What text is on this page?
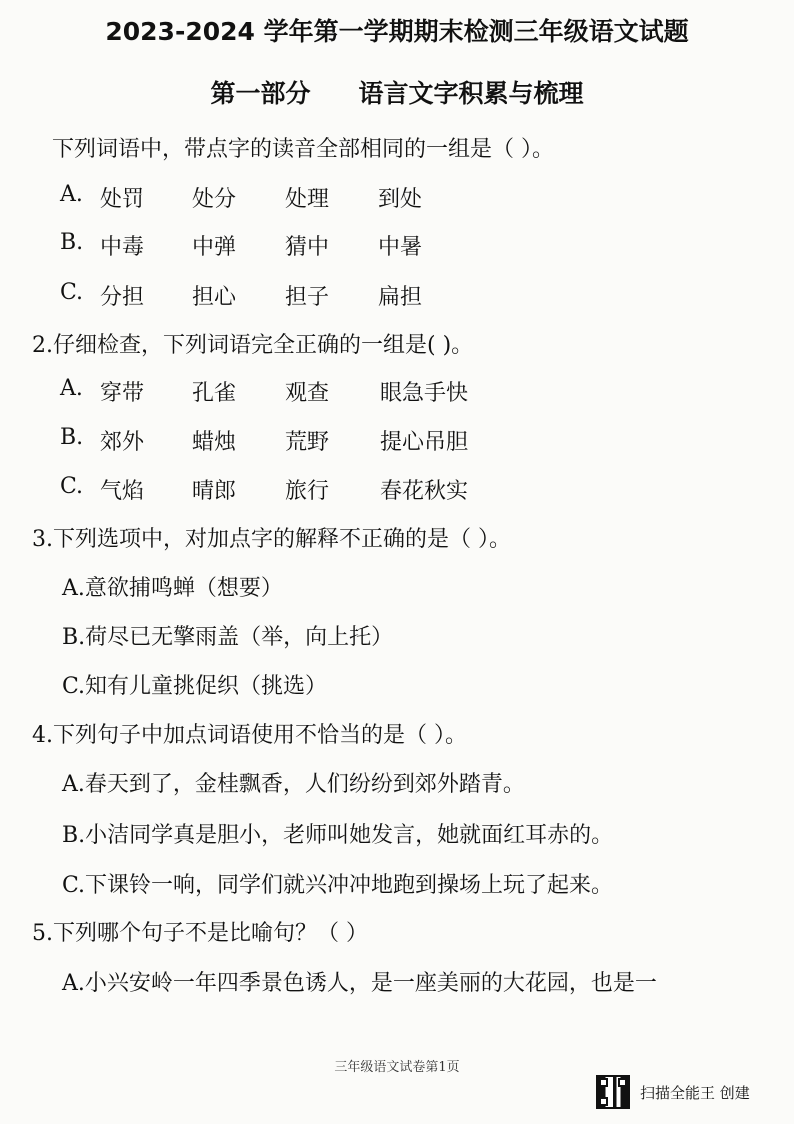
2023-2024 学年第一学期期末检测三年级语文试题
第一部分 语言文字积累与梳理
下列词语中，带点字的读音全部相同的一组是（ ）。
A. 处罚 处分 处理 到处
B. 中毒 中弹 猜中 中暑
C. 分担 担心 担子 扁担
2.仔细检查，下列词语完全正确的一组是( )。
A. 穿带 孔雀 观查 眼急手快
B. 郊外 蜡烛 荒野 提心吊胆
C. 气焰 晴郎 旅行 春花秋实
3.下列选项中，对加点字的解释不正确的是（ ）。
A.意欲捕鸣蝉（想要）
B.荷尽已无擎雨盖（举，向上托）
C.知有儿童挑促织（挑选）
4.下列句子中加点词语使用不恰当的是（ ）。
A.春天到了，金桂飘香，人们纷纷到郊外踏青。
B.小洁同学真是胆小，老师叫她发言，她就面红耳赤的。
C.下课铃一响，同学们就兴冲冲地跑到操场上玩了起来。
5.下列哪个句子不是比喻句？（ ）
A.小兴安岭一年四季景色诱人，是一座美丽的大花园，也是一
三年级语文试卷第1页
扫描全能王 创建
